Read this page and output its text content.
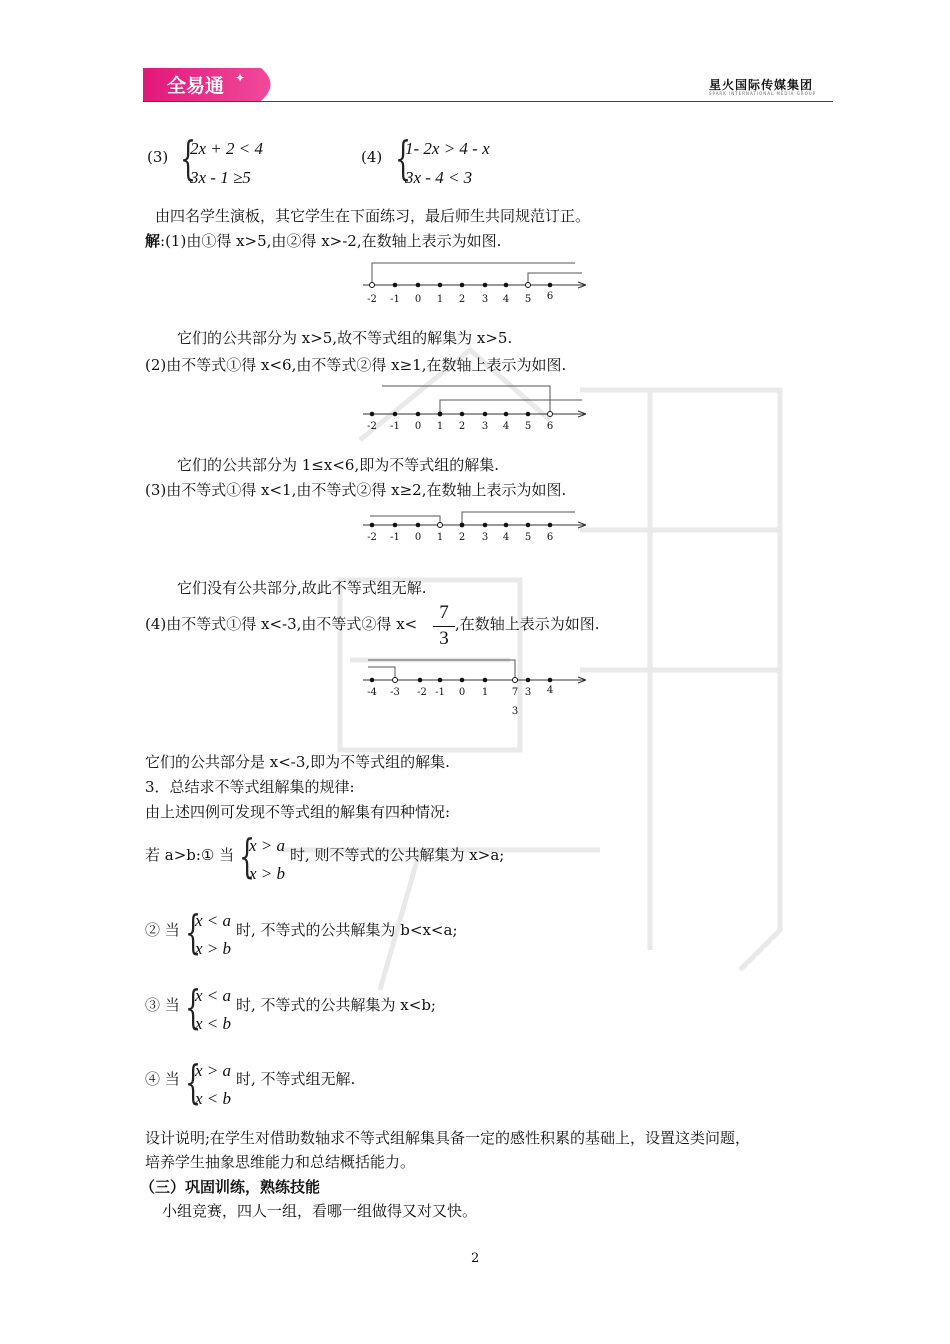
全易通 ✦	星火国际传媒集团
SPARK INTERNATIONAL MEDIA GROUP
(3) {
2x + 2 < 4
3x - 1 ≥5
(4) {
1- 2x > 4 - x
3x - 4 < 3
由四名学生演板，其它学生在下面练习，最后师生共同规范订正。
解:(1)由①得 x>5,由②得 x>-2,在数轴上表示为如图.
-2 -1 0 1 2 3 4 5 6
它们的公共部分为 x>5,故不等式组的解集为 x>5.
(2)由不等式①得 x<6,由不等式②得 x≥1,在数轴上表示为如图.
-2 -1 0 1 2 3 4 5 6
它们的公共部分为 1≤x<6,即为不等式组的解集.
(3)由不等式①得 x<1,由不等式②得 x≥2,在数轴上表示为如图.
-2 -1 0 1 2 3 4 5 6
它们没有公共部分,故此不等式组无解.
(4)由不等式①得 x<-3,由不等式②得 x<
7
3
,在数轴上表示为如图.
-4 -3 -2 -1 0 1 7 3 4
3
它们的公共部分是 x<-3,即为不等式组的解集.
3．总结求不等式组解集的规律:
由上述四例可发现不等式组的解集有四种情况:
若 a>b:① 当 {
x > a
x > b
时, 则不等式的公共解集为 x>a;
② 当 {
x < a
x > b
时, 不等式的公共解集为 b<x<a;
③ 当 {
x < a
x < b
时, 不等式的公共解集为 x<b;
④ 当 {
x > a
x < b
时, 不等式组无解.
设计说明;在学生对借助数轴求不等式组解集具备一定的感性积累的基础上，设置这类问题，
培养学生抽象思维能力和总结概括能力。
（三）巩固训练，熟练技能
小组竞赛，四人一组，看哪一组做得又对又快。
2
